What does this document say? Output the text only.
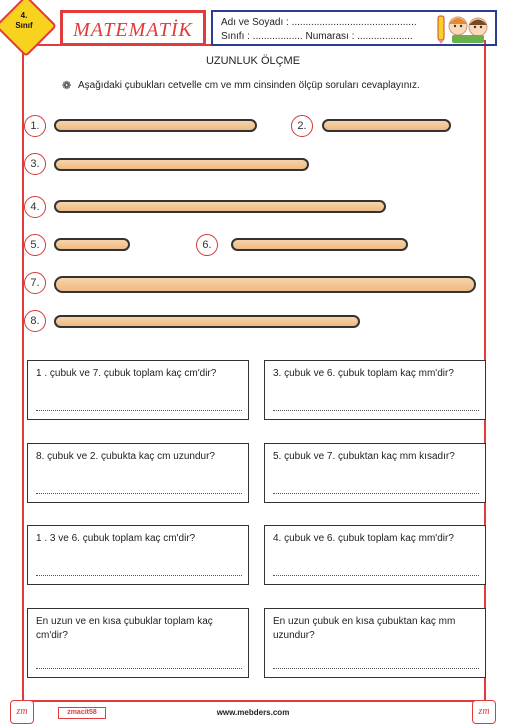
4.
Sınıf	MATEMATİK	Adı ve Soyadı : .............................................
Sınıfı : .................. Numarası : ....................
UZUNLUK ÖLÇME
❁ Aşağıdaki çubukları cetvelle cm ve mm cinsinden ölçüp soruları cevaplayınız.
1.	2.
3.
4.
5.	6.
7.
8.
1 . çubuk ve 7. çubuk toplam kaç cm'dir?	3. çubuk ve 6. çubuk toplam kaç mm'dir?
8. çubuk ve 2. çubukta kaç cm uzundur?	5. çubuk ve 7. çubuktan kaç mm kısadır?
1 . 3 ve 6. çubuk toplam kaç cm'dir?	4. çubuk ve 6. çubuk toplam kaç mm'dir?
En uzun ve en kısa çubuklar toplam kaç cm'dir?
En uzun çubuk en kısa çubuktan kaç mm uzundur?
zm	zm
zmacit58	www.mebders.com
